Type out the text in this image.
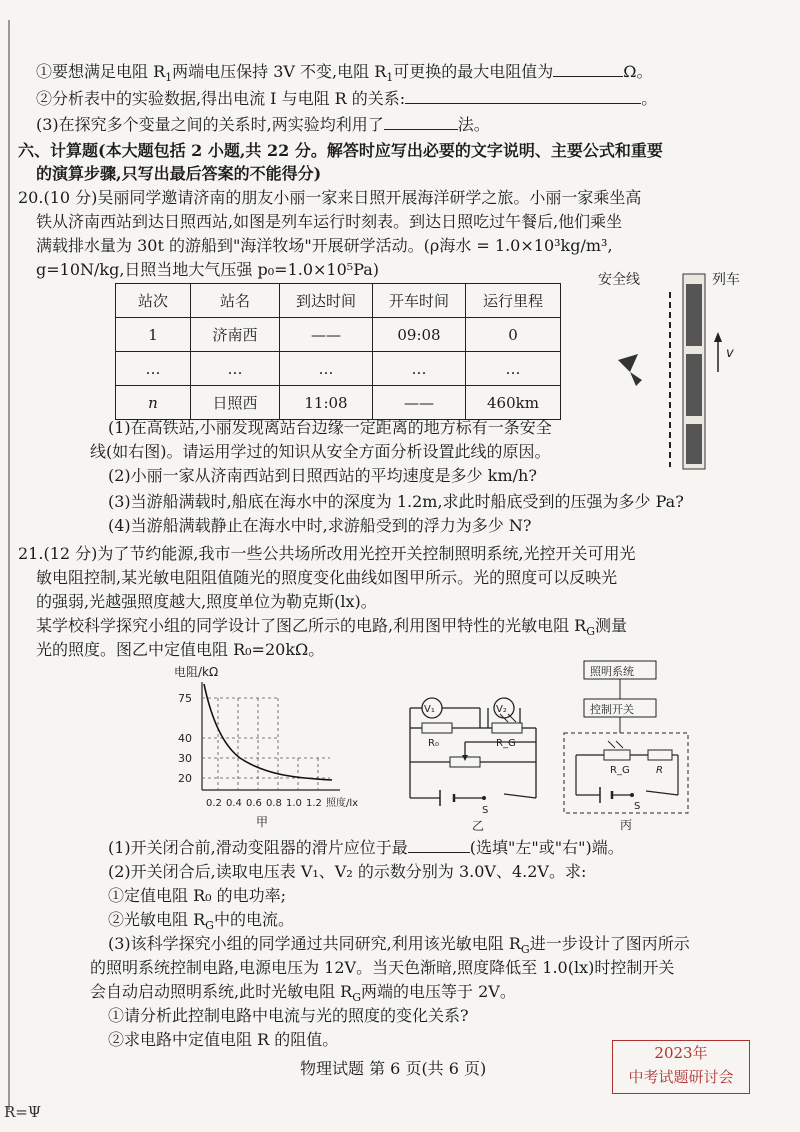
①要想满足电阻 $R_1$两端电压保持 3V 不变,电阻 $R_1$可更换的最大电阻值为	Ω。
②分析表中的实验数据,得出电流 I 与电阻 R 的关系:	。
(3)在探究多个变量之间的关系时,两实验均利用了	法。
六、计算题(本大题包括 2 小题,共 22 分。解答时应写出必要的文字说明、主要公式和重要
的演算步骤,只写出最后答案的不能得分)
20.(10 分)吴丽同学邀请济南的朋友小丽一家来日照开展海洋研学之旅。小丽一家乘坐高
铁从济南西站到达日照西站,如图是列车运行时刻表。到达日照吃过午餐后,他们乘坐
满载排水量为 30t 的游船到"海洋牧场"开展研学活动。(ρ海水 = 1.0×10³kg/m³,
g=10N/kg,日照当地大气压强 p₀=1.0×10⁵Pa)
站次	站名	到达时间	开车时间	运行里程
1	济南西	——	09:08	0
…	…	…	…	…
n	日照西	11:08	——	460km
安全线	列车
v
(1)在高铁站,小丽发现离站台边缘一定距离的地方标有一条安全
线(如右图)。请运用学过的知识从安全方面分析设置此线的原因。
(2)小丽一家从济南西站到日照西站的平均速度是多少 km/h?
(3)当游船满载时,船底在海水中的深度为 1.2m,求此时船底受到的压强为多少 Pa?
(4)当游船满载静止在海水中时,求游船受到的浮力为多少 N?
21.(12 分)为了节约能源,我市一些公共场所改用光控开关控制照明系统,光控开关可用光
敏电阻控制,某光敏电阻阻值随光的照度变化曲线如图甲所示。光的照度可以反映光
的强弱,光越强照度越大,照度单位为勒克斯(lx)。
某学校科学探究小组的同学设计了图乙所示的电路,利用图甲特性的光敏电阻 $R_G$测量
光的照度。图乙中定值电阻 R₀=20kΩ。
电阻/kΩ
75
40
30
20
0.2 0.4 0.6 0.8 1.0 1.2 照度/lx
甲
V₁	V₂
R₀	R_G
S
乙
照明系统
控制开关
R_G	R
S
丙
(1)开关闭合前,滑动变阻器的滑片应位于最	(选填"左"或"右")端。
(2)开关闭合后,读取电压表 V₁、V₂ 的示数分别为 3.0V、4.2V。求:
①定值电阻 R₀ 的电功率;
②光敏电阻 $R_G$中的电流。
(3)该科学探究小组的同学通过共同研究,利用该光敏电阻 $R_G$进一步设计了图丙所示
的照明系统控制电路,电源电压为 12V。当天色渐暗,照度降低至 1.0(lx)时控制开关
会自动启动照明系统,此时光敏电阻 $R_G$两端的电压等于 2V。
①请分析此控制电路中电流与光的照度的变化关系?
②求电路中定值电阻 R 的阻值。
物理试题 第 6 页(共 6 页)
2023年
中考试题研讨会
R=Ψ
